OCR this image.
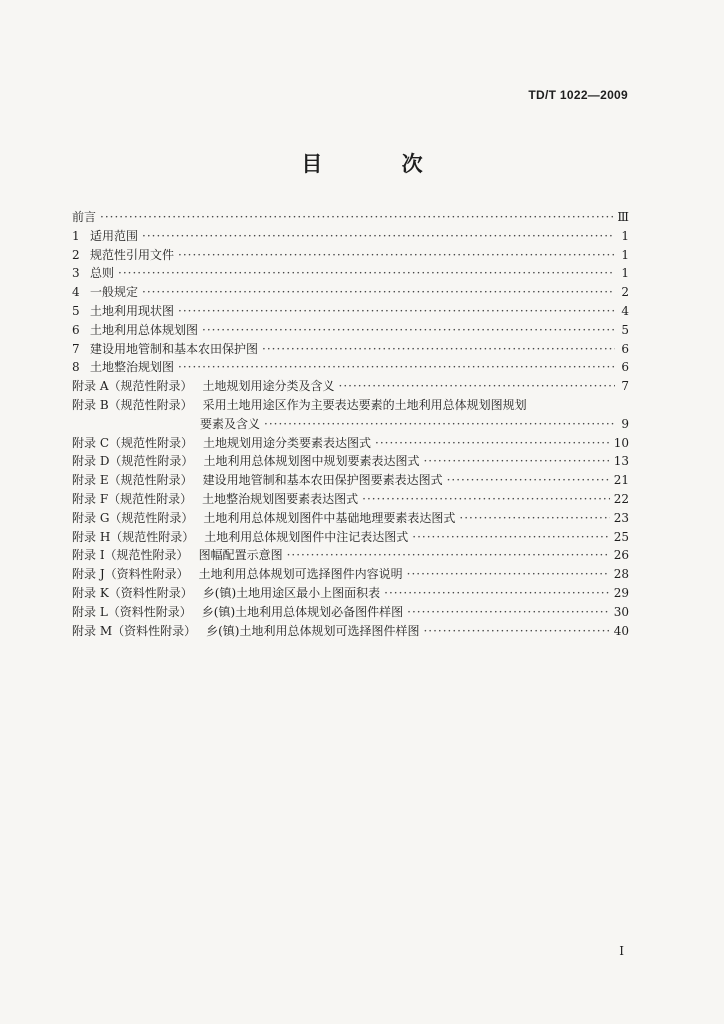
TD/T 1022—2009
目 次
前言 ·····	Ⅲ
1 适用范围 ·····	1
2 规范性引用文件 ·····	1
3 总则 ·····	1
4 一般规定 ·····	2
5 土地利用现状图 ·····	4
6 土地利用总体规划图 ·····	5
7 建设用地管制和基本农田保护图 ·····	6
8 土地整治规划图 ·····	6
附录 A（规范性附录） 土地规划用途分类及含义 ·····	7
附录 B（规范性附录） 采用土地用途区作为主要表达要素的土地利用总体规划图规划
要素及含义 ·····	9
附录 C（规范性附录） 土地规划用途分类要素表达图式 ·····	10
附录 D（规范性附录） 土地利用总体规划图中规划要素表达图式 ·····	13
附录 E（规范性附录） 建设用地管制和基本农田保护图要素表达图式 ·····	21
附录 F（规范性附录） 土地整治规划图要素表达图式 ·····	22
附录 G（规范性附录） 土地利用总体规划图件中基础地理要素表达图式 ·····	23
附录 H（规范性附录） 土地利用总体规划图件中注记表达图式 ·····	25
附录 I（规范性附录） 图幅配置示意图 ·····	26
附录 J（资料性附录） 土地利用总体规划可选择图件内容说明 ·····	28
附录 K（资料性附录） 乡(镇)土地用途区最小上图面积表 ·····	29
附录 L（资料性附录） 乡(镇)土地利用总体规划必备图件样图 ·····	30
附录 M（资料性附录） 乡(镇)土地利用总体规划可选择图件样图 ·····	40
I
